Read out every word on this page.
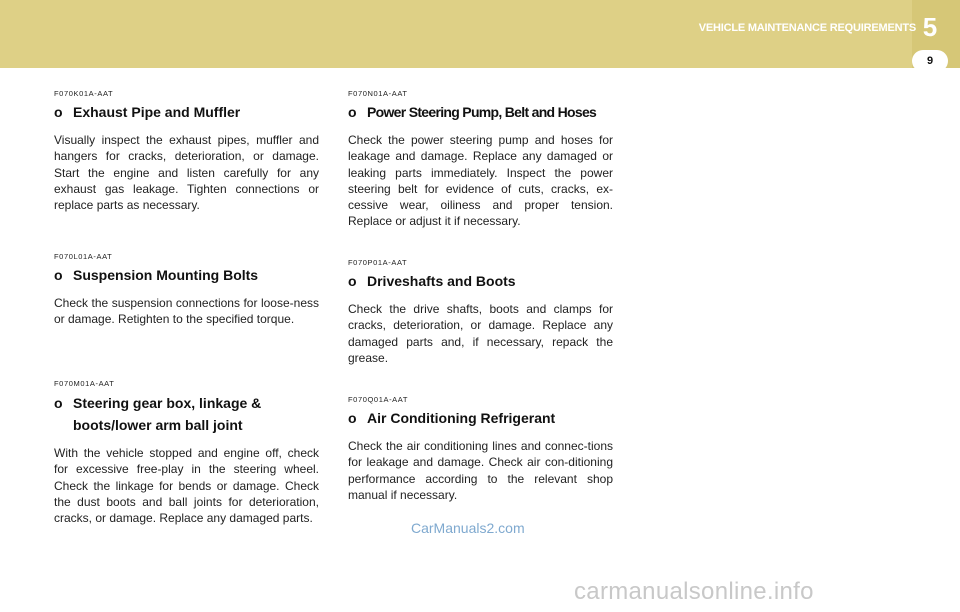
VEHICLE MAINTENANCE REQUIREMENTS 5
9
F070K01A-AAT
o Exhaust Pipe and Muffler
Visually inspect the exhaust pipes, muffler and hangers for cracks, deterioration, or damage. Start the engine and listen carefully for any exhaust gas leakage. Tighten connections or replace parts as necessary.
F070L01A-AAT
o Suspension Mounting Bolts
Check the suspension connections for loose-ness or damage. Retighten to the specified torque.
F070M01A-AAT
o Steering gear box, linkage & boots/lower arm ball joint
With the vehicle stopped and engine off, check for excessive free-play in the steering wheel. Check the linkage for bends or damage. Check the dust boots and ball joints for deterioration, cracks, or damage. Replace any damaged parts.
F070N01A-AAT
o Power Steering Pump, Belt and Hoses
Check the power steering pump and hoses for leakage and damage. Replace any damaged or leaking parts immediately. Inspect the power steering belt for evidence of cuts, cracks, ex-cessive wear, oiliness and proper tension. Replace or adjust it if necessary.
F070P01A-AAT
o Driveshafts and Boots
Check the drive shafts, boots and clamps for cracks, deterioration, or damage. Replace any damaged parts and, if necessary, repack the grease.
F070Q01A-AAT
o Air Conditioning Refrigerant
Check the air conditioning lines and connec-tions for leakage and damage. Check air con-ditioning performance according to the relevant shop manual if necessary.
CarManuals2.com
carmanualsonline.info
